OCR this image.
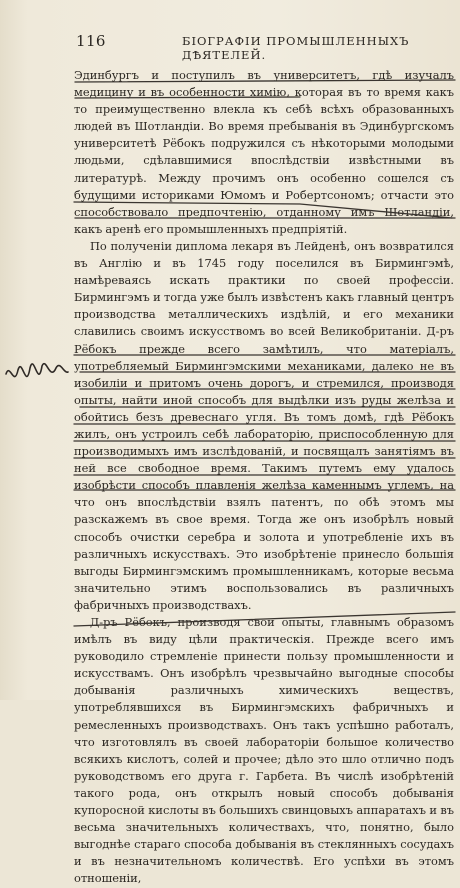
116	БІОГРАФІИ ПРОМЫШЛЕННЫХЪ ДѢЯТЕЛЕЙ.

Эдинбургъ и поступилъ въ университетъ, гдѣ изучалъ медицину и въ особенности химію, которая въ то время какъ то преимущественно влекла къ себѣ всѣхъ образованныхъ людей въ Шотландіи. Во время пребыванія въ Эдинбургскомъ университетѣ Рёбокъ подружился съ нѣкоторыми молодыми людьми, сдѣлавшимися впослѣдствіи извѣстными въ литературѣ. Между прочимъ онъ особенно сошелся съ будущими историками Юмомъ и Робертсономъ; отчасти это способствовало предпочтенію, отданному имъ Шотландіи, какъ аренѣ его промышленныхъ предпріятій.

По полученіи диплома лекаря въ Лейденѣ, онъ возвратился въ Англію и въ 1745 году поселился въ Бирмингэмѣ, намѣреваясь искать практики по своей профессіи. Бирмингэмъ и тогда уже былъ извѣстенъ какъ главный центръ производства металлическихъ издѣлій, и его механики славились своимъ искусствомъ во всей Великобританіи. Д-ръ Рёбокъ прежде всего замѣтилъ, что матеріалъ, употребляемый Бирмингэмскими механиками, далеко не въ изобиліи и притомъ очень дорогъ, и стремился, производя опыты, найти иной способъ для выдѣлки изъ руды желѣза и обойтись безъ древеснаго угля. Въ томъ домѣ, гдѣ Рёбокъ жилъ, онъ устроилъ себѣ лабораторію, приспособленную для производимыхъ имъ изслѣдованій, и посвящалъ занятіямъ въ ней все свободное время. Такимъ путемъ ему удалось изобрѣсти способъ плавленія желѣза каменнымъ углемъ, на что онъ впослѣдствіи взялъ патентъ, по обѣ этомъ мы разскажемъ въ свое время. Тогда же онъ изобрѣлъ новый способъ очистки серебра и золота и употребленіе ихъ въ различныхъ искусствахъ. Это изобрѣтеніе принесло большія выгоды Бирмингэмскимъ промышленникамъ, которые весьма значительно этимъ воспользовались въ различныхъ фабричныхъ производствахъ.

Д-ръ Рёбокъ, производя свои опыты, главнымъ образомъ имѣлъ въ виду цѣли практическія. Прежде всего имъ руководило стремленіе принести пользу промышленности и искусствамъ. Онъ изобрѣлъ чрезвычайно выгодные способы добыванія различныхъ химическихъ веществъ, употреблявшихся въ Бирмингэмскихъ фабричныхъ и ремесленныхъ производствахъ. Онъ такъ успѣшно работалъ, что изготовлялъ въ своей лабораторіи большое количество всякихъ кислотъ, солей и прочее; дѣло это шло отлично подъ руководствомъ его друга г. Гарбета. Въ числѣ изобрѣтеній такого рода, онъ открылъ новый способъ добыванія купоросной кислоты въ большихъ свинцовыхъ аппаратахъ и въ весьма значительныхъ количествахъ, что, понятно, было выгоднѣе стараго способа добыванія въ стеклянныхъ сосудахъ и въ незначительномъ количествѣ. Его успѣхи въ этомъ отношеніи,
